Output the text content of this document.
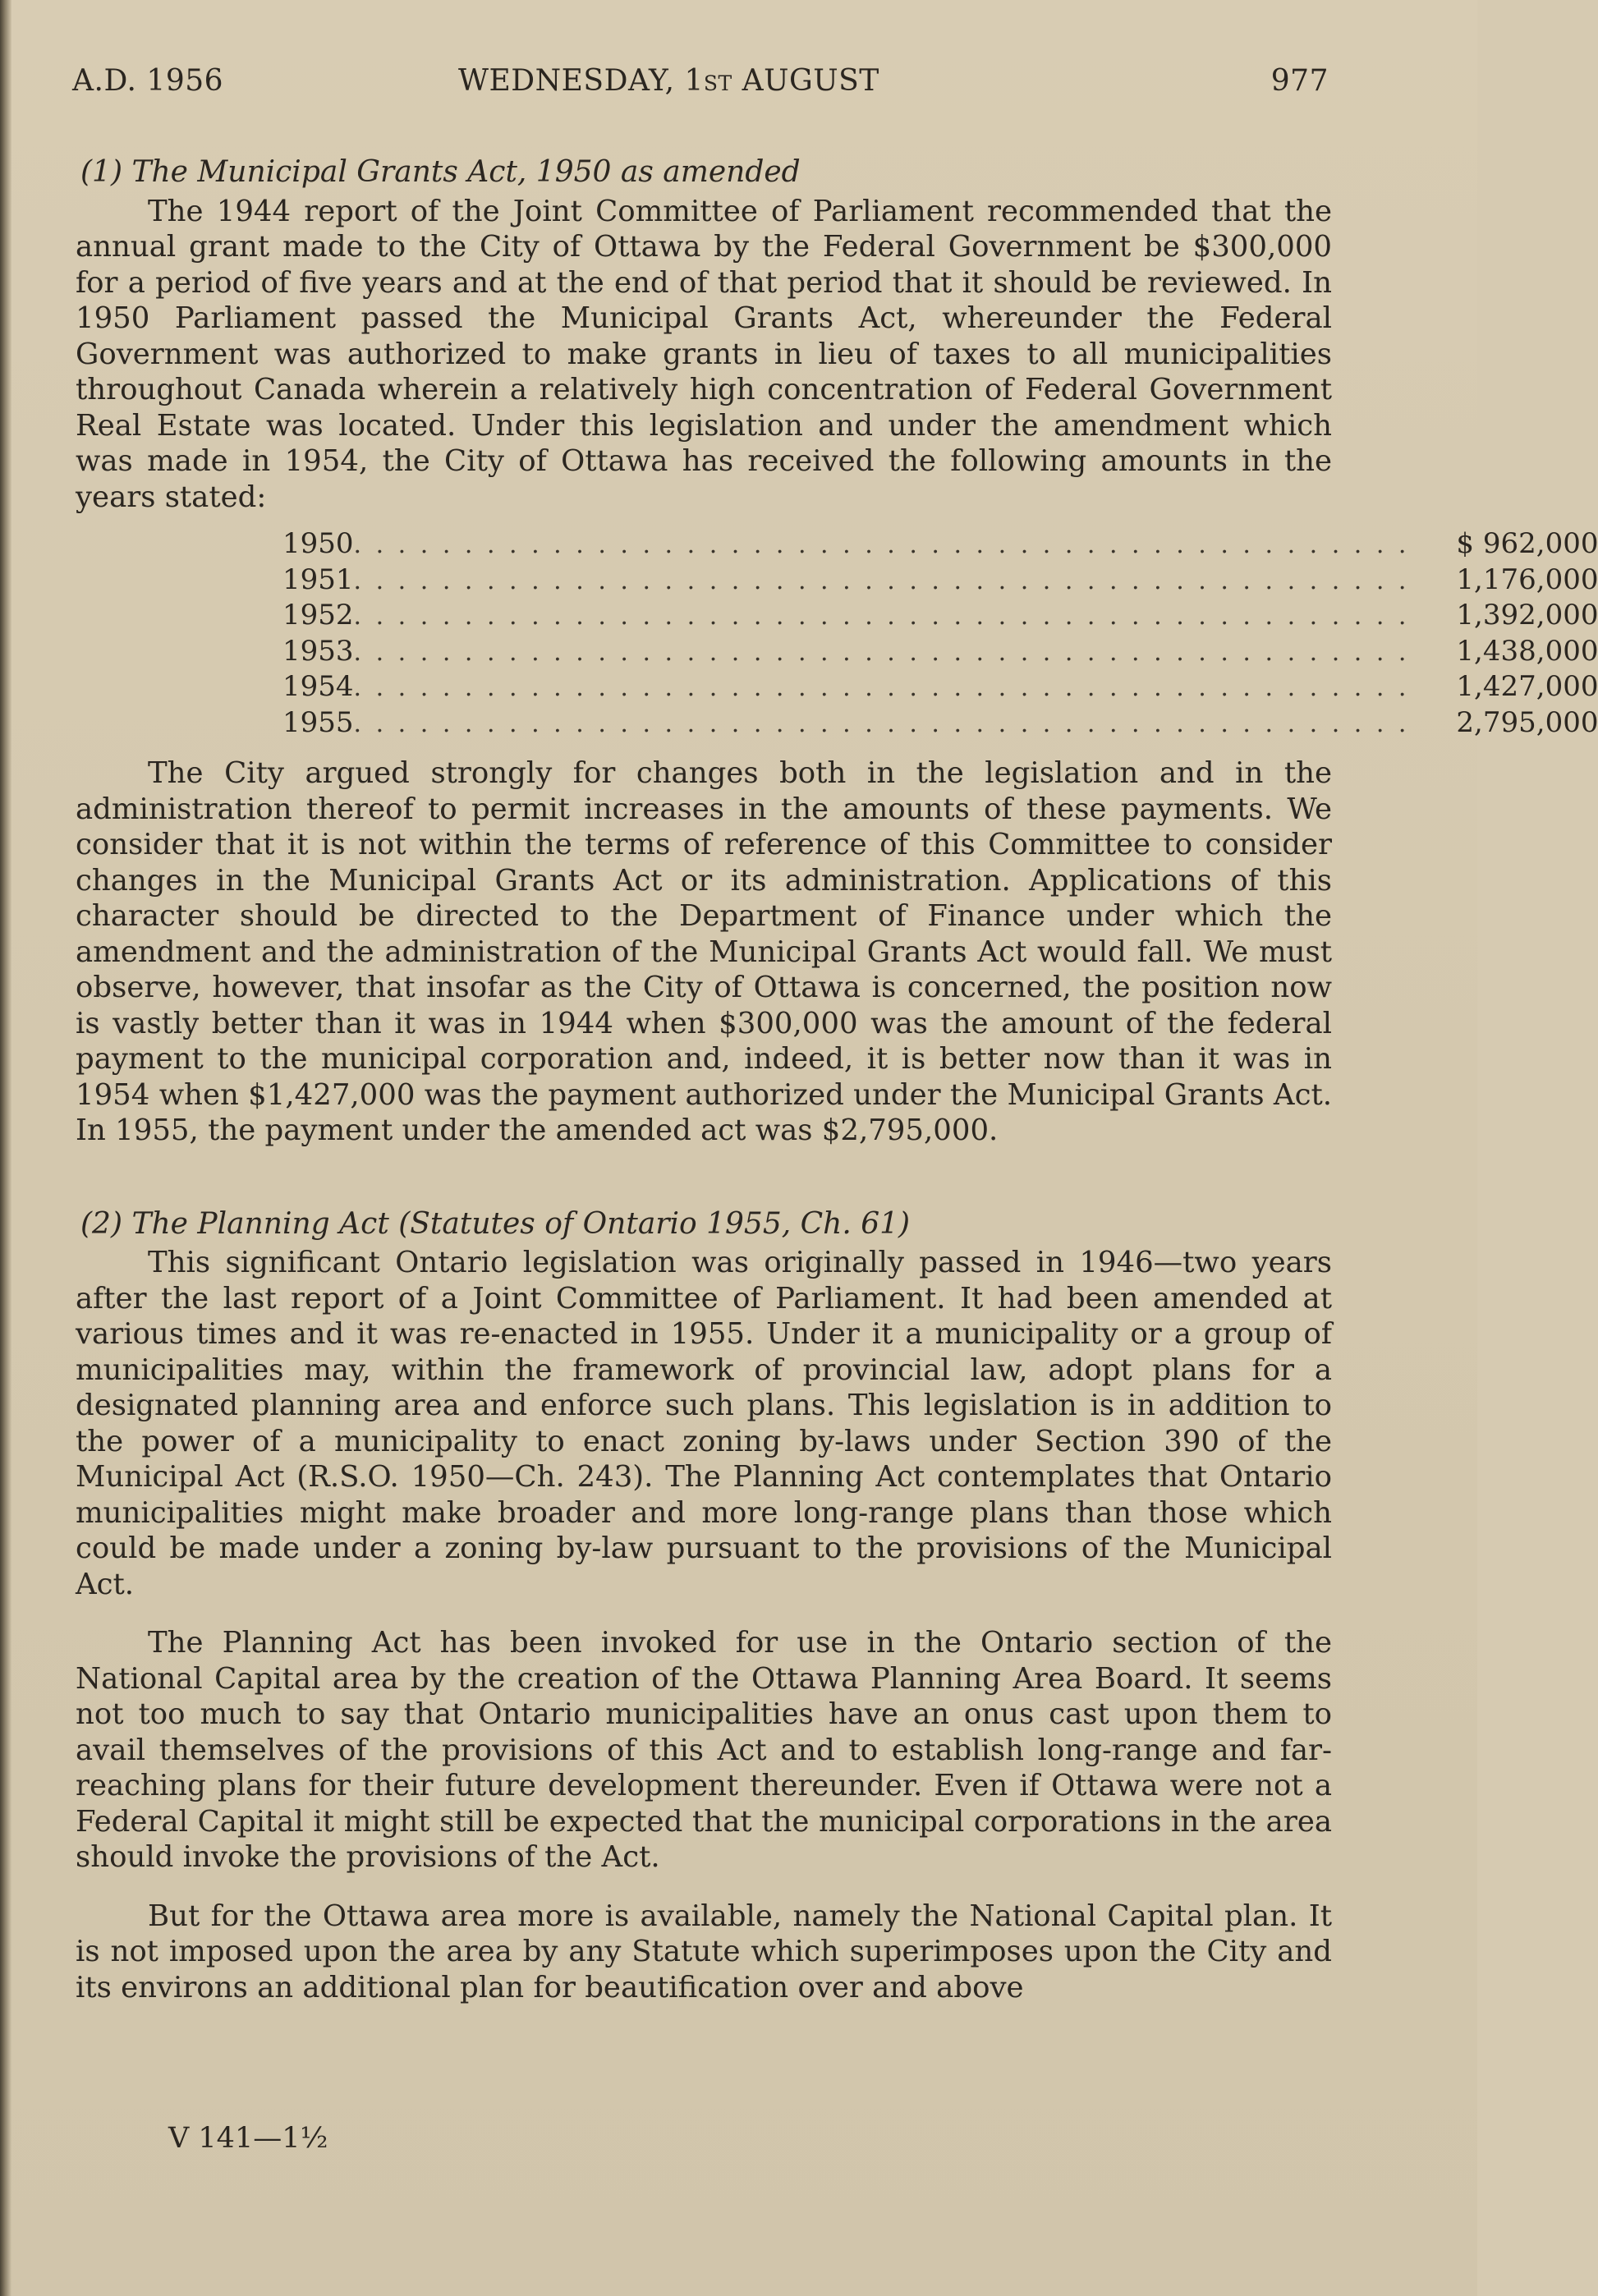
A.D. 1956	WEDNESDAY, 1st AUGUST	977
(1) The Municipal Grants Act, 1950 as amended

The 1944 report of the Joint Committee of Parliament recommended that the annual grant made to the City of Ottawa by the Federal Government be $300,000 for a period of five years and at the end of that period that it should be reviewed. In 1950 Parliament passed the Municipal Grants Act, whereunder the Federal Government was authorized to make grants in lieu of taxes to all municipalities throughout Canada wherein a relatively high concentration of Federal Government Real Estate was located. Under this legislation and under the amendment which was made in 1954, the City of Ottawa has received the following amounts in the years stated:

1950 . . . . . . . . . . . . . . . . . . . . . . . . . . . . . . . . . . . . . . . . . . . . . . . .	$ 962,000
1951 . . . . . . . . . . . . . . . . . . . . . . . . . . . . . . . . . . . . . . . . . . . . . . . .	1,176,000
1952 . . . . . . . . . . . . . . . . . . . . . . . . . . . . . . . . . . . . . . . . . . . . . . . .	1,392,000
1953 . . . . . . . . . . . . . . . . . . . . . . . . . . . . . . . . . . . . . . . . . . . . . . . .	1,438,000
1954 . . . . . . . . . . . . . . . . . . . . . . . . . . . . . . . . . . . . . . . . . . . . . . . .	1,427,000
1955 . . . . . . . . . . . . . . . . . . . . . . . . . . . . . . . . . . . . . . . . . . . . . . . .	2,795,000

The City argued strongly for changes both in the legislation and in the administration thereof to permit increases in the amounts of these payments. We consider that it is not within the terms of reference of this Committee to consider changes in the Municipal Grants Act or its administration. Applications of this character should be directed to the Department of Finance under which the amendment and the administration of the Municipal Grants Act would fall. We must observe, however, that insofar as the City of Ottawa is concerned, the position now is vastly better than it was in 1944 when $300,000 was the amount of the federal payment to the municipal corporation and, indeed, it is better now than it was in 1954 when $1,427,000 was the payment authorized under the Municipal Grants Act. In 1955, the payment under the amended act was $2,795,000.

(2) The Planning Act (Statutes of Ontario 1955, Ch. 61)

This significant Ontario legislation was originally passed in 1946—two years after the last report of a Joint Committee of Parliament. It had been amended at various times and it was re-enacted in 1955. Under it a municipality or a group of municipalities may, within the framework of provincial law, adopt plans for a designated planning area and enforce such plans. This legislation is in addition to the power of a municipality to enact zoning by-laws under Section 390 of the Municipal Act (R.S.O. 1950—Ch. 243). The Planning Act contemplates that Ontario municipalities might make broader and more long-range plans than those which could be made under a zoning by-law pursuant to the provisions of the Municipal Act.

The Planning Act has been invoked for use in the Ontario section of the National Capital area by the creation of the Ottawa Planning Area Board. It seems not too much to say that Ontario municipalities have an onus cast upon them to avail themselves of the provisions of this Act and to establish long-range and far-reaching plans for their future development thereunder. Even if Ottawa were not a Federal Capital it might still be expected that the municipal corporations in the area should invoke the provisions of the Act.

But for the Ottawa area more is available, namely the National Capital plan. It is not imposed upon the area by any Statute which superimposes upon the City and its environs an additional plan for beautification over and above

V 141—1½
